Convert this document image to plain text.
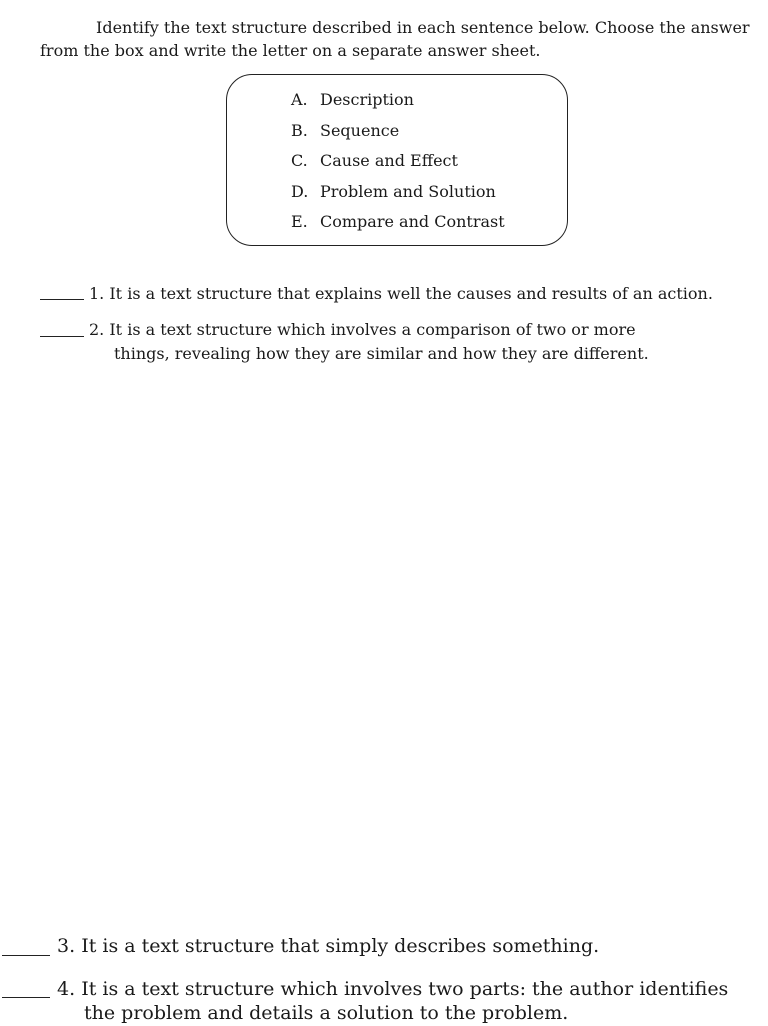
Identify the text structure described in each sentence below. Choose the answer from the box and write the letter on a separate answer sheet.

A. Description
B. Sequence
C. Cause and Effect
D. Problem and Solution
E. Compare and Contrast

1. It is a text structure that explains well the causes and results of an action.

2. It is a text structure which involves a comparison of two or more

things, revealing how they are similar and how they are different.

3. It is a text structure that simply describes something.

4. It is a text structure which involves two parts: the author identifies

the problem and details a solution to the problem.
